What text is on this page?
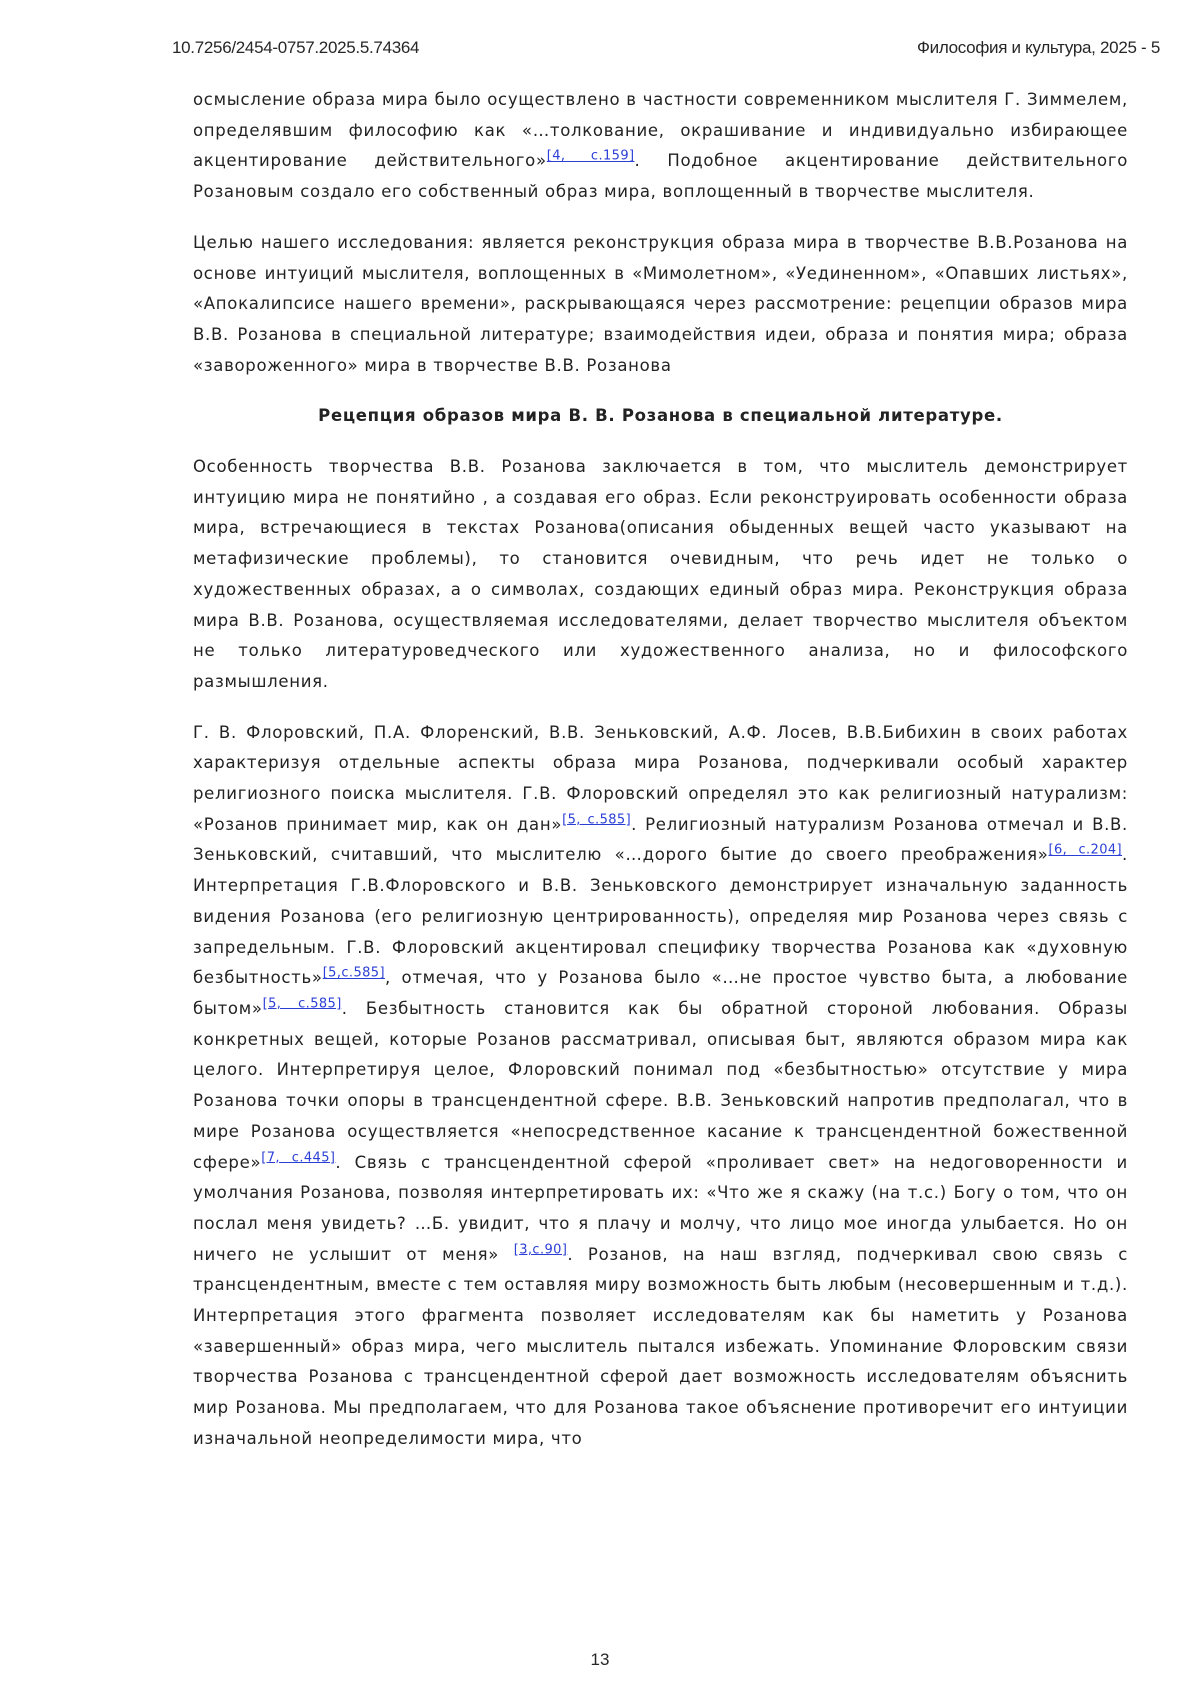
10.7256/2454-0757.2025.5.74364	Философия и культура, 2025 - 5

осмысление образа мира было осуществлено в частности современником мыслителя Г. Зиммелем, определявшим философию как «…толкование, окрашивание и индивидуально избирающее акцентирование действительного»[4, с.159]. Подобное акцентирование действительного Розановым создало его собственный образ мира, воплощенный в творчестве мыслителя.

Целью нашего исследования: является реконструкция образа мира в творчестве В.В.Розанова на основе интуиций мыслителя, воплощенных в «Мимолетном», «Уединенном», «Опавших листьях», «Апокалипсисе нашего времени», раскрывающаяся через рассмотрение: рецепции образов мира В.В. Розанова в специальной литературе; взаимодействия идеи, образа и понятия мира; образа «завороженного» мира в творчестве В.В. Розанова

Рецепция образов мира В. В. Розанова в специальной литературе.

Особенность творчества В.В. Розанова заключается в том, что мыслитель демонстрирует интуицию мира не понятийно , а создавая его образ. Если реконструировать особенности образа мира, встречающиеся в текстах Розанова(описания обыденных вещей часто указывают на метафизические проблемы), то становится очевидным, что речь идет не только о художественных образах, а о символах, создающих единый образ мира. Реконструкция образа мира В.В. Розанова, осуществляемая исследователями, делает творчество мыслителя объектом не только литературоведческого или художественного анализа, но и философского размышления.

Г. В. Флоровский, П.А. Флоренский, В.В. Зеньковский, А.Ф. Лосев, В.В.Бибихин в своих работах характеризуя отдельные аспекты образа мира Розанова, подчеркивали особый характер религиозного поиска мыслителя. Г.В. Флоровский определял это как религиозный натурализм: «Розанов принимает мир, как он дан»[5, с.585]. Религиозный натурализм Розанова отмечал и В.В. Зеньковский, считавший, что мыслителю «…дорого бытие до своего преображения»[6, с.204]. Интерпретация Г.В.Флоровского и В.В. Зеньковского демонстрирует изначальную заданность видения Розанова (его религиозную центрированность), определяя мир Розанова через связь с запредельным. Г.В. Флоровский акцентировал специфику творчества Розанова как «духовную безбытность»[5,с.585], отмечая, что у Розанова было «…не простое чувство быта, а любование бытом»[5, с.585]. Безбытность становится как бы обратной стороной любования. Образы конкретных вещей, которые Розанов рассматривал, описывая быт, являются образом мира как целого. Интерпретируя целое, Флоровский понимал под «безбытностью» отсутствие у мира Розанова точки опоры в трансцендентной сфере. В.В. Зеньковский напротив предполагал, что в мире Розанова осуществляется «непосредственное касание к трансцендентной божественной сфере»[7, с.445]. Связь с трансцендентной сферой «проливает свет» на недоговоренности и умолчания Розанова, позволяя интерпретировать их: «Что же я скажу (на т.с.) Богу о том, что он послал меня увидеть? …Б. увидит, что я плачу и молчу, что лицо мое иногда улыбается. Но он ничего не услышит от меня» [3,с.90]. Розанов, на наш взгляд, подчеркивал свою связь с трансцендентным, вместе с тем оставляя миру возможность быть любым (несовершенным и т.д.). Интерпретация этого фрагмента позволяет исследователям как бы наметить у Розанова «завершенный» образ мира, чего мыслитель пытался избежать. Упоминание Флоровским связи творчества Розанова с трансцендентной сферой дает возможность исследователям объяснить мир Розанова. Мы предполагаем, что для Розанова такое объяснение противоречит его интуиции изначальной неопределимости мира, что

13
